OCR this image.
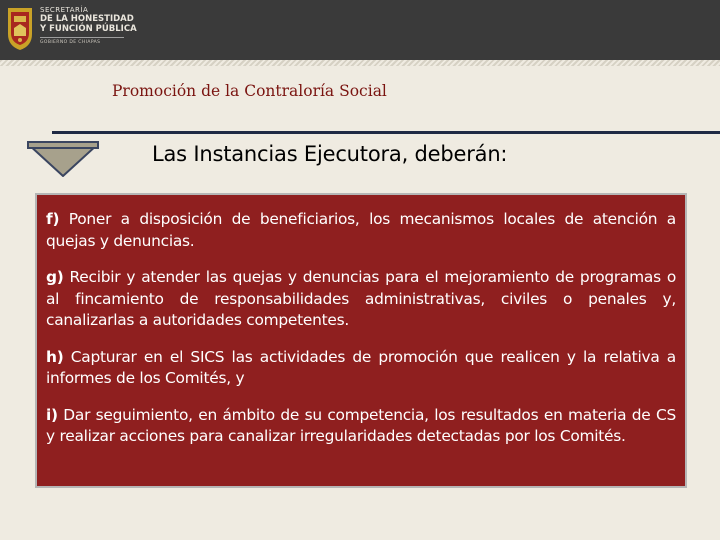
SECRETARÍA
DE LA HONESTIDAD
Y FUNCIÓN PÚBLICA
GOBIERNO DE CHIAPAS
Promoción de la Contraloría Social
Las Instancias Ejecutora, deberán:

f) Poner a disposición de beneficiarios, los mecanismos locales de atención a quejas y denuncias.

g) Recibir y atender las quejas y denuncias para el mejoramiento de programas o al fincamiento de responsabilidades administrativas, civiles o penales y, canalizarlas a autoridades competentes.

h) Capturar en el SICS las actividades de promoción que realicen y la relativa a informes de los Comités, y

i) Dar seguimiento, en ámbito de su competencia, los resultados en materia de CS y realizar acciones para canalizar irregularidades detectadas por los Comités.
